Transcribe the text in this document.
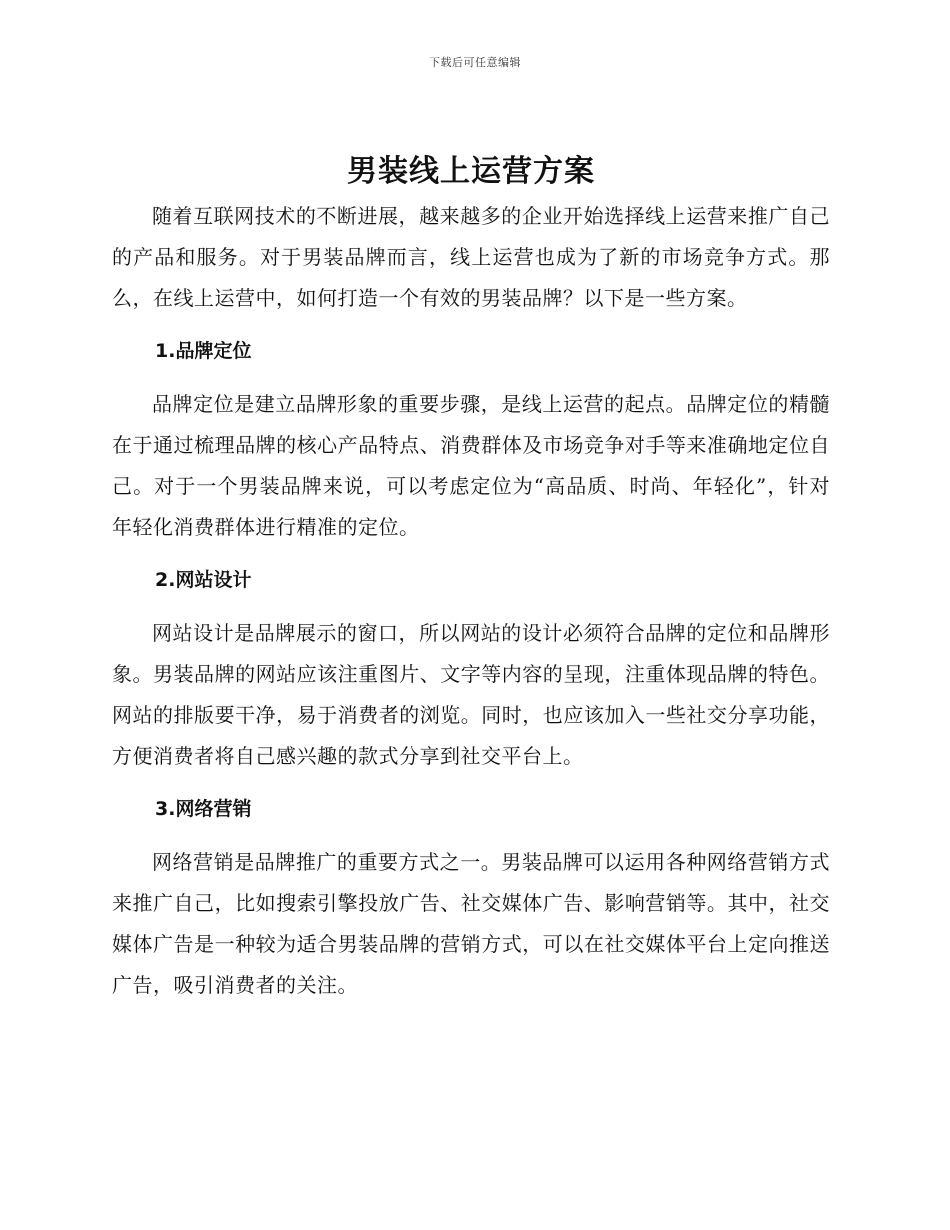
下载后可任意编辑
男装线上运营方案

随着互联网技术的不断进展，越来越多的企业开始选择线上运营来推广自己的产品和服务。对于男装品牌而言，线上运营也成为了新的市场竞争方式。那么，在线上运营中，如何打造一个有效的男装品牌？以下是一些方案。

1.品牌定位

品牌定位是建立品牌形象的重要步骤，是线上运营的起点。品牌定位的精髓在于通过梳理品牌的核心产品特点、消费群体及市场竞争对手等来准确地定位自己。对于一个男装品牌来说，可以考虑定位为“高品质、时尚、年轻化”，针对年轻化消费群体进行精准的定位。

2.网站设计

网站设计是品牌展示的窗口，所以网站的设计必须符合品牌的定位和品牌形象。男装品牌的网站应该注重图片、文字等内容的呈现，注重体现品牌的特色。网站的排版要干净，易于消费者的浏览。同时，也应该加入一些社交分享功能，方便消费者将自己感兴趣的款式分享到社交平台上。

3.网络营销

网络营销是品牌推广的重要方式之一。男装品牌可以运用各种网络营销方式来推广自己，比如搜索引擎投放广告、社交媒体广告、影响营销等。其中，社交媒体广告是一种较为适合男装品牌的营销方式，可以在社交媒体平台上定向推送广告，吸引消费者的关注。
